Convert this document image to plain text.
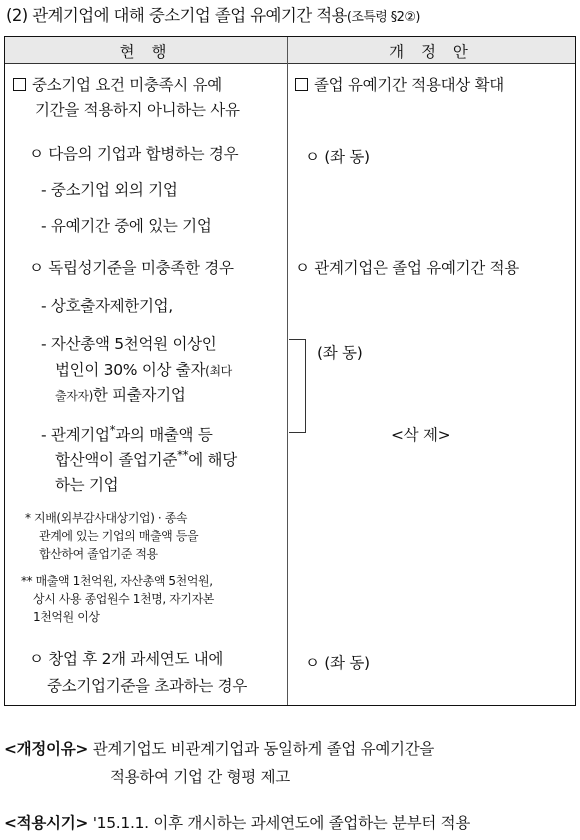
(2) 관계기업에 대해 중소기업 졸업 유예기간 적용(조특령 §2②)
현 행	개 정 안
중소기업 요건 미충족시 유예
기간을 적용하지 아니하는 사유
ㅇ 다음의 기업과 합병하는 경우
- 중소기업 외의 기업
- 유예기간 중에 있는 기업
ㅇ 독립성기준을 미충족한 경우
- 상호출자제한기업,
- 자산총액 5천억원 이상인
법인이 30% 이상 출자(최다
출자자)한 피출자기업
- 관계기업*과의 매출액 등
합산액이 졸업기준**에 해당
하는 기업
* 지배(외부감사대상기업) · 종속
관계에 있는 기업의 매출액 등을
합산하여 졸업기준 적용
** 매출액 1천억원, 자산총액 5천억원,
상시 사용 종업원수 1천명, 자기자본
1천억원 이상
ㅇ 창업 후 2개 과세연도 내에
중소기업기준을 초과하는 경우
졸업 유예기간 적용대상 확대
ㅇ (좌 동)
ㅇ 관계기업은 졸업 유예기간 적용
(좌 동)
<삭 제>
ㅇ (좌 동)
<개정이유> 관계기업도 비관계기업과 동일하게 졸업 유예기간을
적용하여 기업 간 형평 제고
<적용시기> '15.1.1. 이후 개시하는 과세연도에 졸업하는 분부터 적용
